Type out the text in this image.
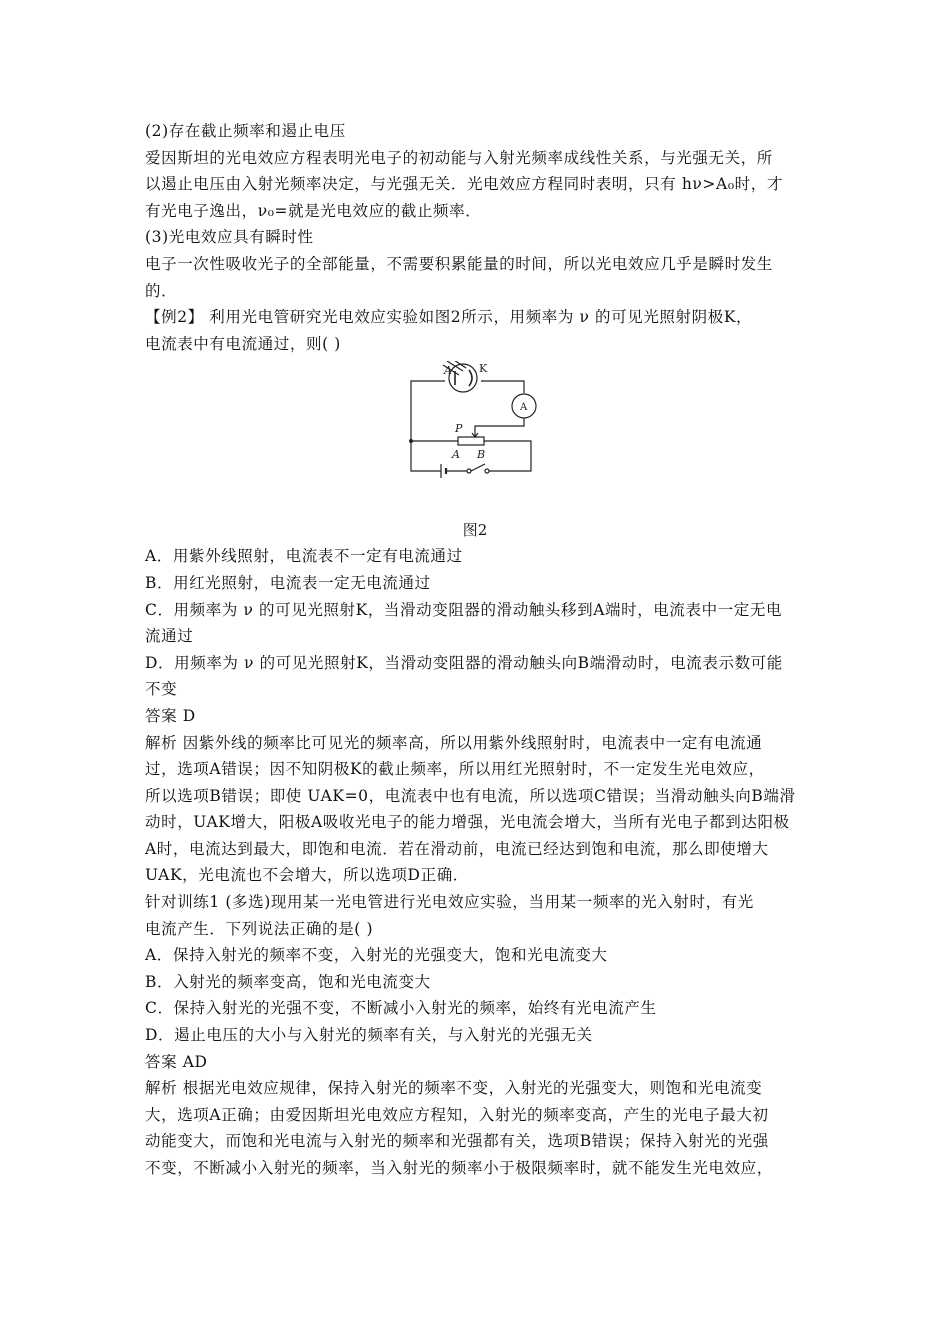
(2)存在截止频率和遏止电压
爱因斯坦的光电效应方程表明光电子的初动能与入射光频率成线性关系，与光强无关，所
以遏止电压由入射光频率决定，与光强无关．光电效应方程同时表明，只有 hν>A₀时，才
有光电子逸出，ν₀=就是光电效应的截止频率．
(3)光电效应具有瞬时性
电子一次性吸收光子的全部能量，不需要积累能量的时间，所以光电效应几乎是瞬时发生
的．
【例2】 利用光电管研究光电效应实验如图2所示，用频率为 ν 的可见光照射阴极K，
电流表中有电流通过，则( )
A K
A
P
A B
图2
A．用紫外线照射，电流表不一定有电流通过
B．用红光照射，电流表一定无电流通过
C．用频率为 ν 的可见光照射K，当滑动变阻器的滑动触头移到A端时，电流表中一定无电
流通过
D．用频率为 ν 的可见光照射K，当滑动变阻器的滑动触头向B端滑动时，电流表示数可能
不变
答案 D
解析 因紫外线的频率比可见光的频率高，所以用紫外线照射时，电流表中一定有电流通
过，选项A错误；因不知阴极K的截止频率，所以用红光照射时，不一定发生光电效应，
所以选项B错误；即使 UAK=0，电流表中也有电流，所以选项C错误；当滑动触头向B端滑
动时，UAK增大，阳极A吸收光电子的能力增强，光电流会增大，当所有光电子都到达阳极
A时，电流达到最大，即饱和电流．若在滑动前，电流已经达到饱和电流，那么即使增大
UAK，光电流也不会增大，所以选项D正确．
针对训练1 (多选)现用某一光电管进行光电效应实验，当用某一频率的光入射时，有光
电流产生．下列说法正确的是( )
A．保持入射光的频率不变，入射光的光强变大，饱和光电流变大
B．入射光的频率变高，饱和光电流变大
C．保持入射光的光强不变，不断减小入射光的频率，始终有光电流产生
D．遏止电压的大小与入射光的频率有关，与入射光的光强无关
答案 AD
解析 根据光电效应规律，保持入射光的频率不变，入射光的光强变大，则饱和光电流变
大，选项A正确；由爱因斯坦光电效应方程知，入射光的频率变高，产生的光电子最大初
动能变大，而饱和光电流与入射光的频率和光强都有关，选项B错误；保持入射光的光强
不变，不断减小入射光的频率，当入射光的频率小于极限频率时，就不能发生光电效应，
